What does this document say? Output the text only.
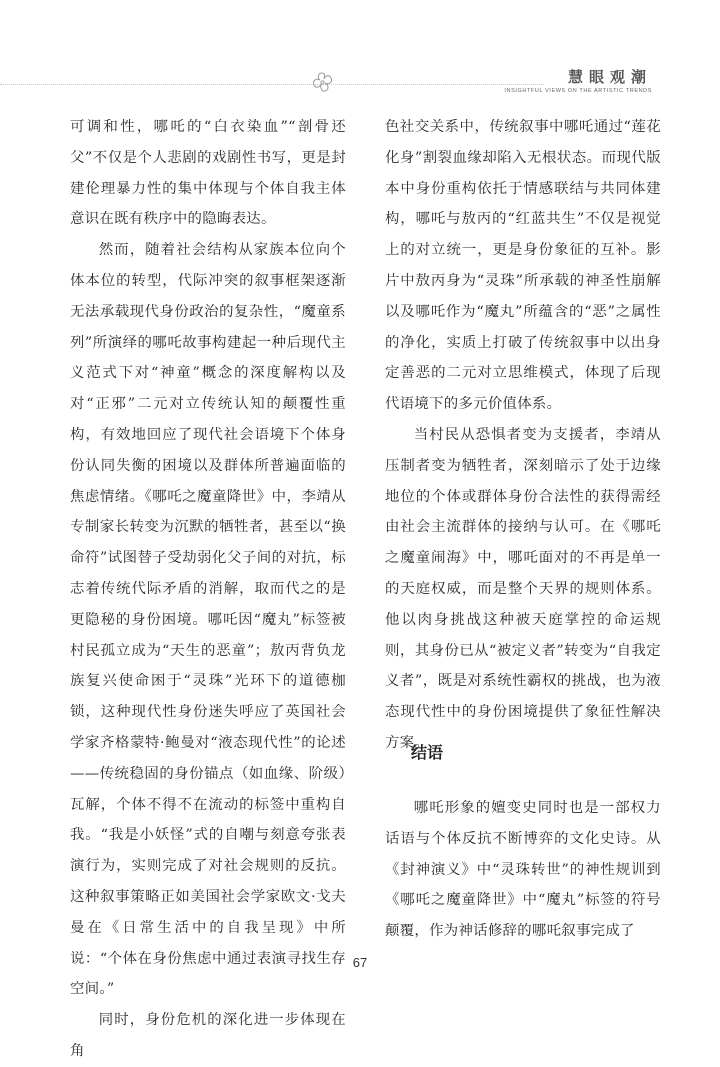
慧眼观潮
INSIGHTFUL VIEWS ON THE ARTISTIC TRENDS

可调和性，哪吒的“白衣染血”“剖骨还父”不仅是个人悲剧的戏剧性书写，更是封建伦理暴力性的集中体现与个体自我主体意识在既有秩序中的隐晦表达。

然而，随着社会结构从家族本位向个体本位的转型，代际冲突的叙事框架逐渐无法承载现代身份政治的复杂性，“魔童系列”所演绎的哪吒故事构建起一种后现代主义范式下对“神童”概念的深度解构以及对“正邪”二元对立传统认知的颠覆性重构，有效地回应了现代社会语境下个体身份认同失衡的困境以及群体所普遍面临的焦虑情绪。《哪吒之魔童降世》中，李靖从专制家长转变为沉默的牺牲者，甚至以“换命符”试图替子受劫弱化父子间的对抗，标志着传统代际矛盾的消解，取而代之的是更隐秘的身份困境。哪吒因“魔丸”标签被村民孤立成为“天生的恶童”；敖丙背负龙族复兴使命困于“灵珠”光环下的道德枷锁，这种现代性身份迷失呼应了英国社会学家齐格蒙特·鲍曼对“液态现代性”的论述——传统稳固的身份锚点（如血缘、阶级）瓦解，个体不得不在流动的标签中重构自我。“我是小妖怪”式的自嘲与刻意夸张表演行为，实则完成了对社会规则的反抗。这种叙事策略正如美国社会学家欧文·戈夫曼在《日常生活中的自我呈现》中所说：“个体在身份焦虑中通过表演寻找生存空间。”

同时，身份危机的深化进一步体现在角

色社交关系中，传统叙事中哪吒通过“莲花化身”割裂血缘却陷入无根状态。而现代版本中身份重构依托于情感联结与共同体建构，哪吒与敖丙的“红蓝共生”不仅是视觉上的对立统一，更是身份象征的互补。影片中敖丙身为“灵珠”所承载的神圣性崩解以及哪吒作为“魔丸”所蕴含的“恶”之属性的净化，实质上打破了传统叙事中以出身定善恶的二元对立思维模式，体现了后现代语境下的多元价值体系。

当村民从恐惧者变为支援者，李靖从压制者变为牺牲者，深刻暗示了处于边缘地位的个体或群体身份合法性的获得需经由社会主流群体的接纳与认可。在《哪吒之魔童闹海》中，哪吒面对的不再是单一的天庭权威，而是整个天界的规则体系。他以肉身挑战这种被天庭掌控的命运规则，其身份已从“被定义者”转变为“自我定义者”，既是对系统性霸权的挑战，也为液态现代性中的身份困境提供了象征性解决方案。

结语

哪吒形象的嬗变史同时也是一部权力话语与个体反抗不断博弈的文化史诗。从《封神演义》中“灵珠转世”的神性规训到《哪吒之魔童降世》中“魔丸”标签的符号颠覆，作为神话修辞的哪吒叙事完成了

67
